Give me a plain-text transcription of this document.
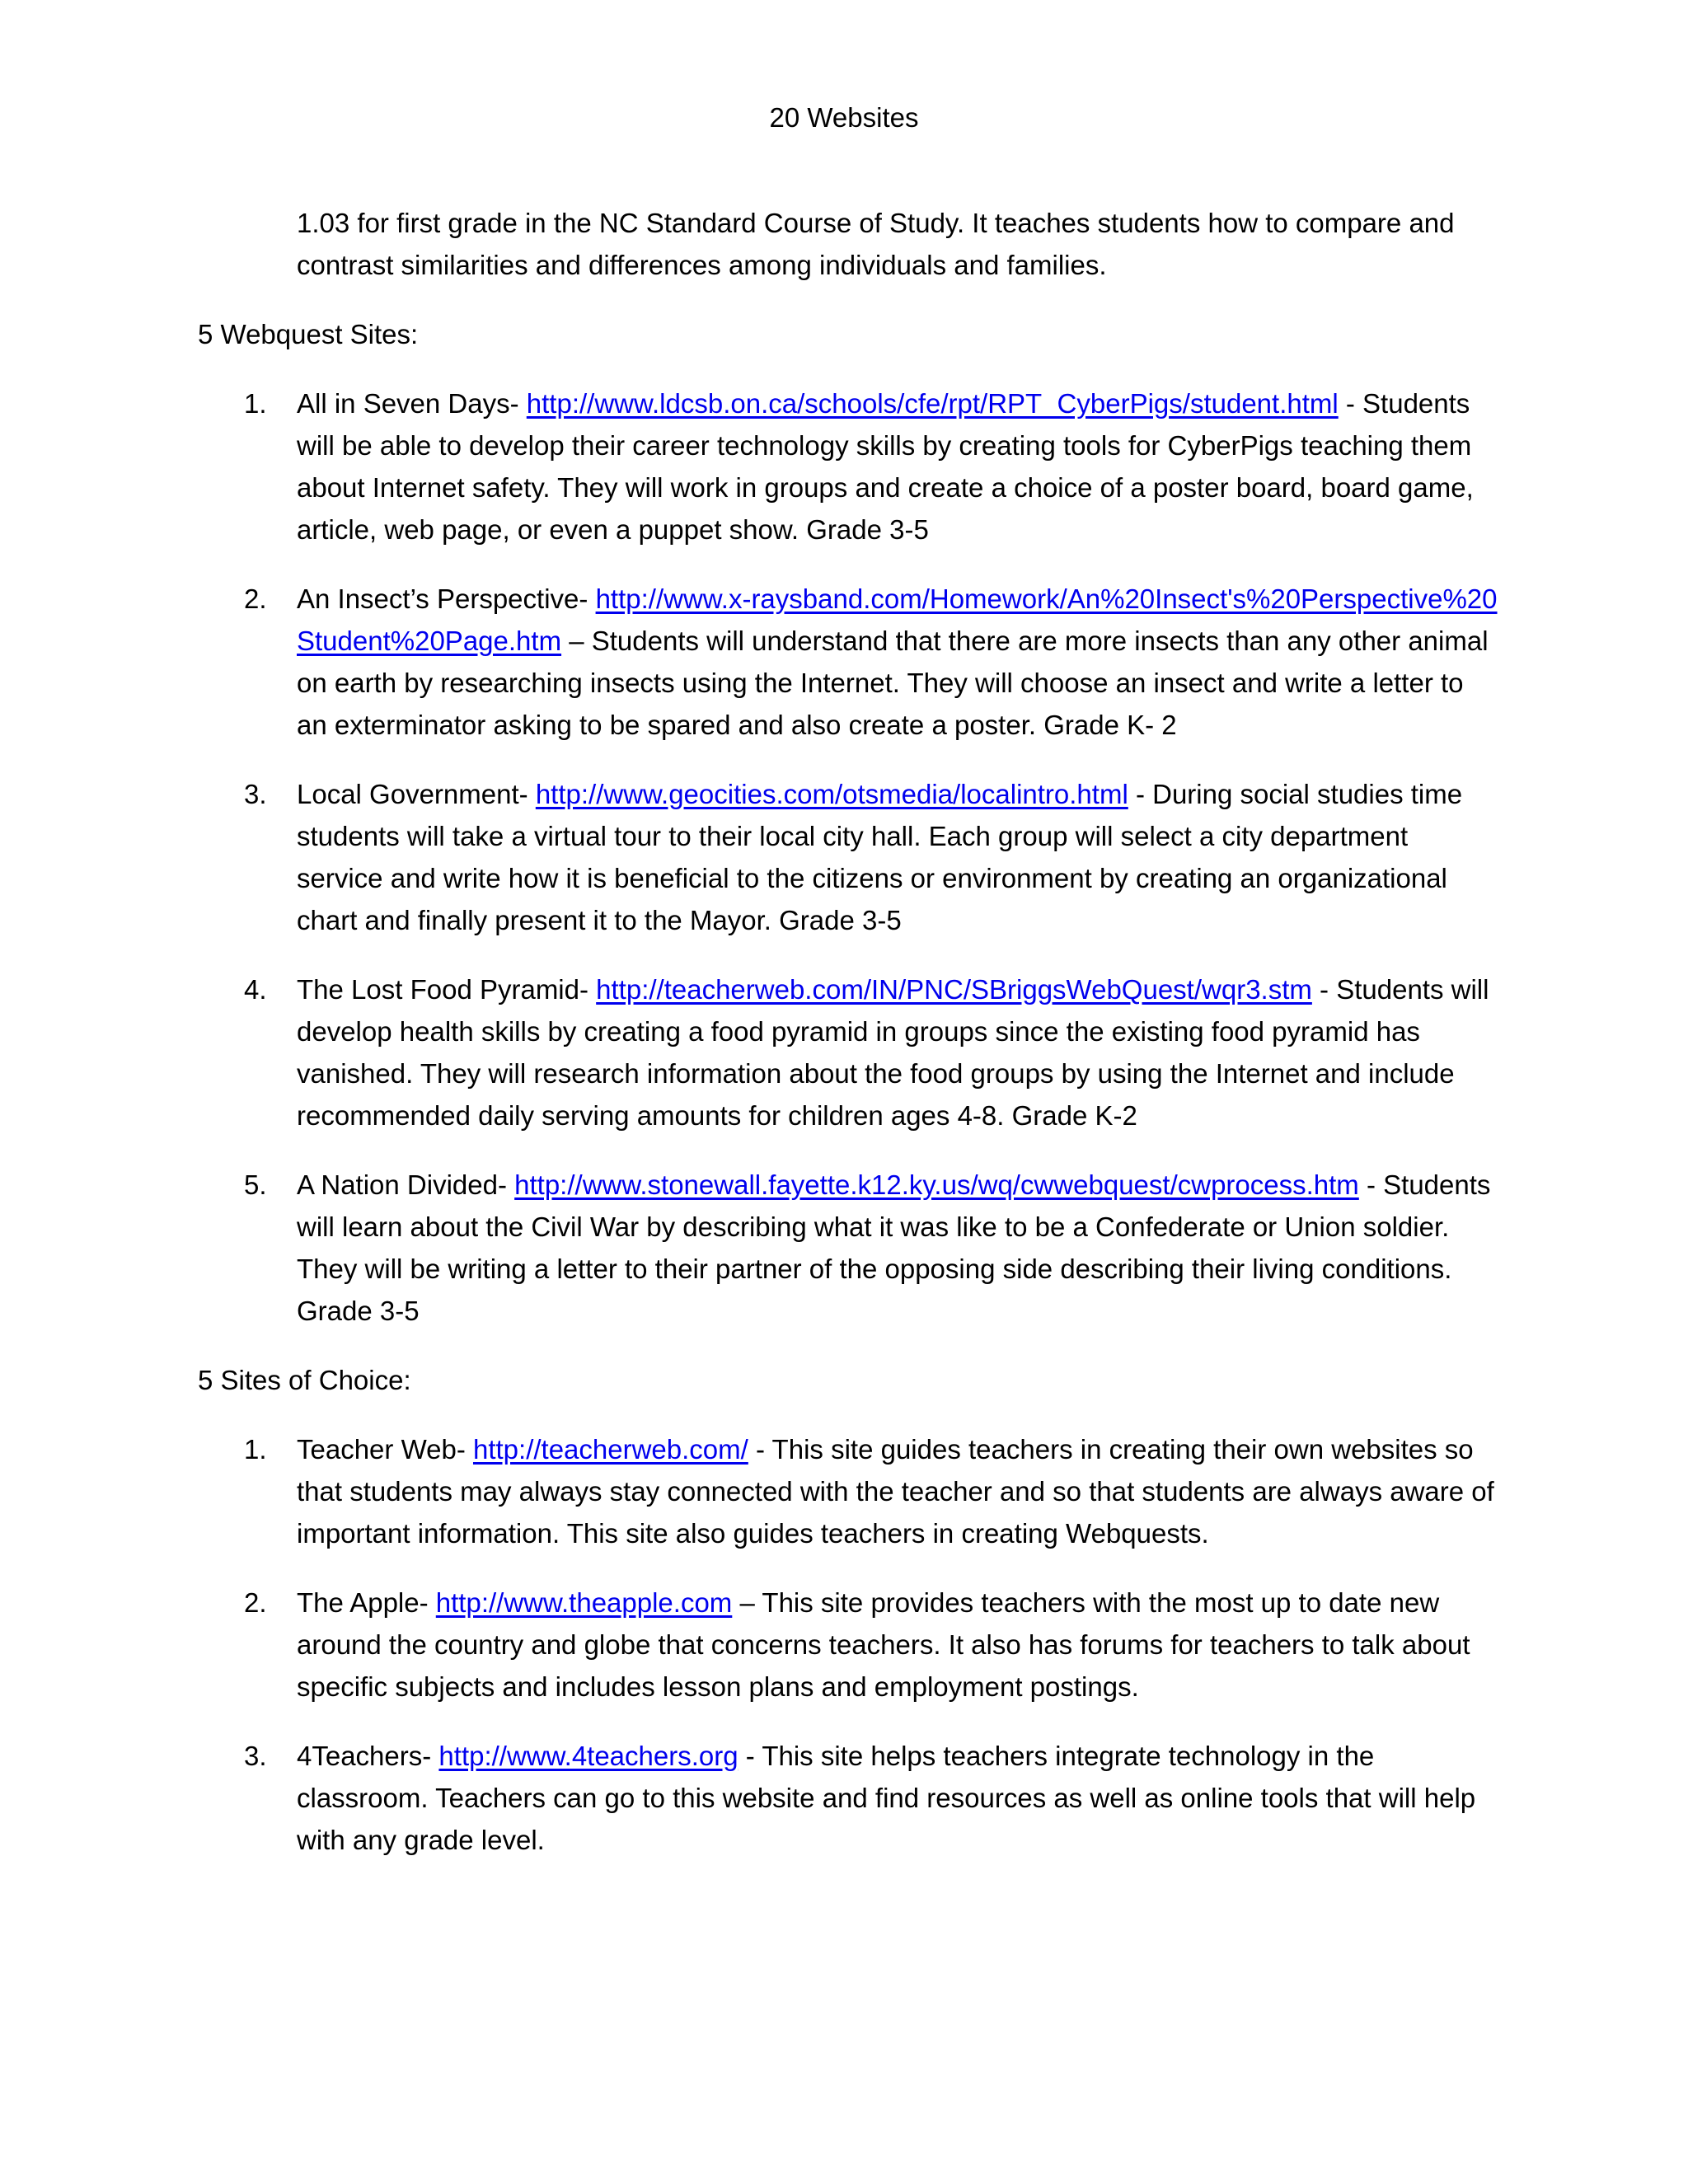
20 Websites

1.03 for first grade in the NC Standard Course of Study. It teaches students how to compare and contrast similarities and differences among individuals and families.

5 Webquest Sites:

1. All in Seven Days- http://www.ldcsb.on.ca/schools/cfe/rpt/RPT_CyberPigs/student.html - Students will be able to develop their career technology skills by creating tools for CyberPigs teaching them about Internet safety. They will work in groups and create a choice of a poster board, board game, article, web page, or even a puppet show. Grade 3-5
2. An Insect’s Perspective- http://www.x-raysband.com/Homework/An%20Insect's%20Perspective%20Student%20Page.htm – Students will understand that there are more insects than any other animal on earth by researching insects using the Internet. They will choose an insect and write a letter to an exterminator asking to be spared and also create a poster. Grade K- 2
3. Local Government- http://www.geocities.com/otsmedia/localintro.html - During social studies time students will take a virtual tour to their local city hall. Each group will select a city department service and write how it is beneficial to the citizens or environment by creating an organizational chart and finally present it to the Mayor. Grade 3-5
4. The Lost Food Pyramid- http://teacherweb.com/IN/PNC/SBriggsWebQuest/wqr3.stm - Students will develop health skills by creating a food pyramid in groups since the existing food pyramid has vanished. They will research information about the food groups by using the Internet and include recommended daily serving amounts for children ages 4-8. Grade K-2
5. A Nation Divided- http://www.stonewall.fayette.k12.ky.us/wq/cwwebquest/cwprocess.htm - Students will learn about the Civil War by describing what it was like to be a Confederate or Union soldier. They will be writing a letter to their partner of the opposing side describing their living conditions. Grade 3-5

5 Sites of Choice:

1. Teacher Web- http://teacherweb.com/ - This site guides teachers in creating their own websites so that students may always stay connected with the teacher and so that students are always aware of important information. This site also guides teachers in creating Webquests.
2. The Apple- http://www.theapple.com – This site provides teachers with the most up to date new around the country and globe that concerns teachers. It also has forums for teachers to talk about specific subjects and includes lesson plans and employment postings.
3. 4Teachers- http://www.4teachers.org - This site helps teachers integrate technology in the classroom. Teachers can go to this website and find resources as well as online tools that will help with any grade level.
